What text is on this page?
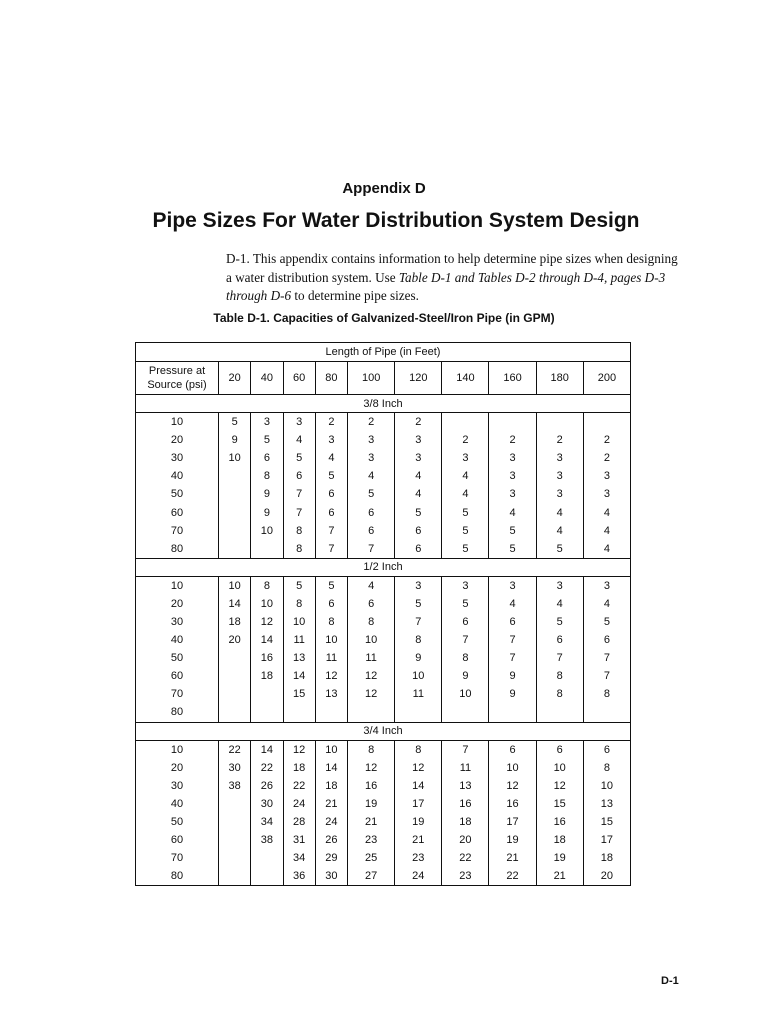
Appendix D
Pipe Sizes For Water Distribution System Design
D-1. This appendix contains information to help determine pipe sizes when designing a water distribution system. Use Table D-1 and Tables D-2 through D-4, pages D-3 through D-6 to determine pipe sizes.
Table D-1. Capacities of Galvanized-Steel/Iron Pipe (in GPM)
Length of Pipe (in Feet)										
Pressure at
Source (psi)	20	40	60	80	100	120	140	160	180	200
3/8 Inch										
10	5	3	3	2	2	2				
20	9	5	4	3	3	3	2	2	2	2
30	10	6	5	4	3	3	3	3	3	2
40		8	6	5	4	4	4	3	3	3
50		9	7	6	5	4	4	3	3	3
60		9	7	6	6	5	5	4	4	4
70		10	8	7	6	6	5	5	4	4
80			8	7	7	6	5	5	5	4
1/2 Inch										
10	10	8	5	5	4	3	3	3	3	3
20	14	10	8	6	6	5	5	4	4	4
30	18	12	10	8	8	7	6	6	5	5
40	20	14	11	10	10	8	7	7	6	6
50		16	13	11	11	9	8	7	7	7
60		18	14	12	12	10	9	9	8	7
70			15	13	12	11	10	9	8	8
80										
3/4 Inch										
10	22	14	12	10	8	8	7	6	6	6
20	30	22	18	14	12	12	11	10	10	8
30	38	26	22	18	16	14	13	12	12	10
40		30	24	21	19	17	16	16	15	13
50		34	28	24	21	19	18	17	16	15
60		38	31	26	23	21	20	19	18	17
70			34	29	25	23	22	21	19	18
80			36	30	27	24	23	22	21	20
D-1
